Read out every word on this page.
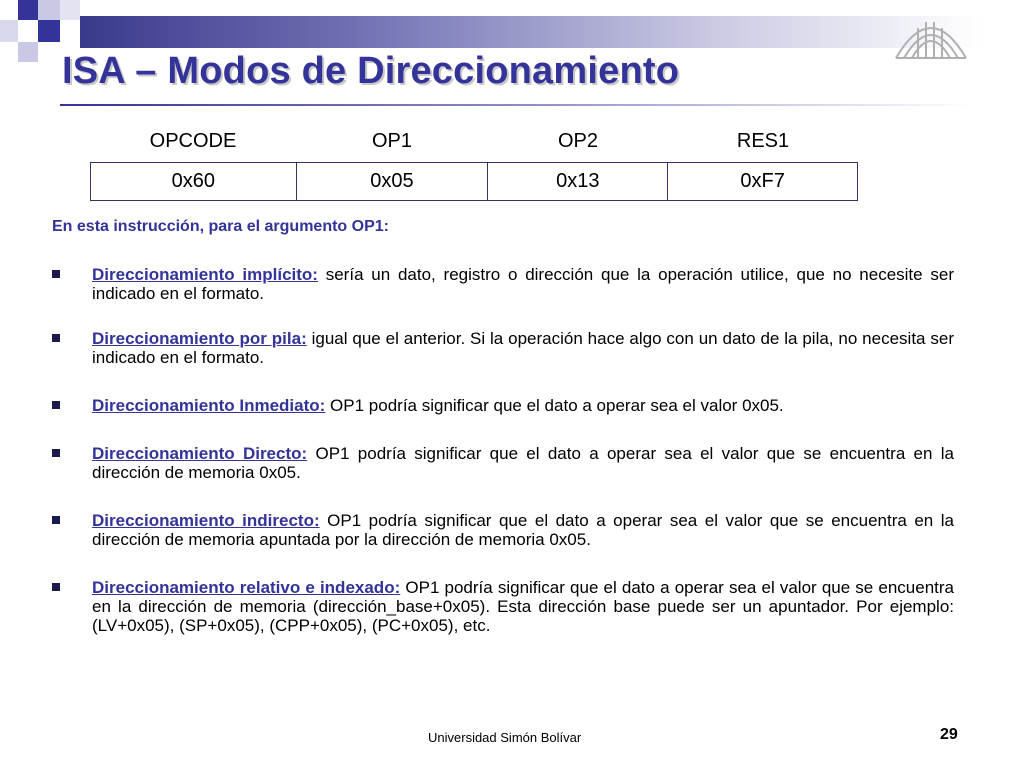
ISA – Modos de Direccionamiento
OPCODE	OP1	OP2	RES1
0x60	0x05	0x13	0xF7
En esta instrucción, para el argumento OP1:
Direccionamiento implícito: sería un dato, registro o dirección que la operación utilice, que no necesite ser indicado en el formato.
Direccionamiento por pila: igual que el anterior. Si la operación hace algo con un dato de la pila, no necesita ser indicado en el formato.
Direccionamiento Inmediato: OP1 podría significar que el dato a operar sea el valor 0x05.
Direccionamiento Directo: OP1 podría significar que el dato a operar sea el valor que se encuentra en la dirección de memoria 0x05.
Direccionamiento indirecto: OP1 podría significar que el dato a operar sea el valor que se encuentra en la dirección de memoria apuntada por la dirección de memoria 0x05.
Direccionamiento relativo e indexado: OP1 podría significar que el dato a operar sea el valor que se encuentra en la dirección de memoria (dirección_base+0x05). Esta dirección base puede ser un apuntador. Por ejemplo: (LV+0x05), (SP+0x05), (CPP+0x05), (PC+0x05), etc.
Universidad Simón Bolívar	29
